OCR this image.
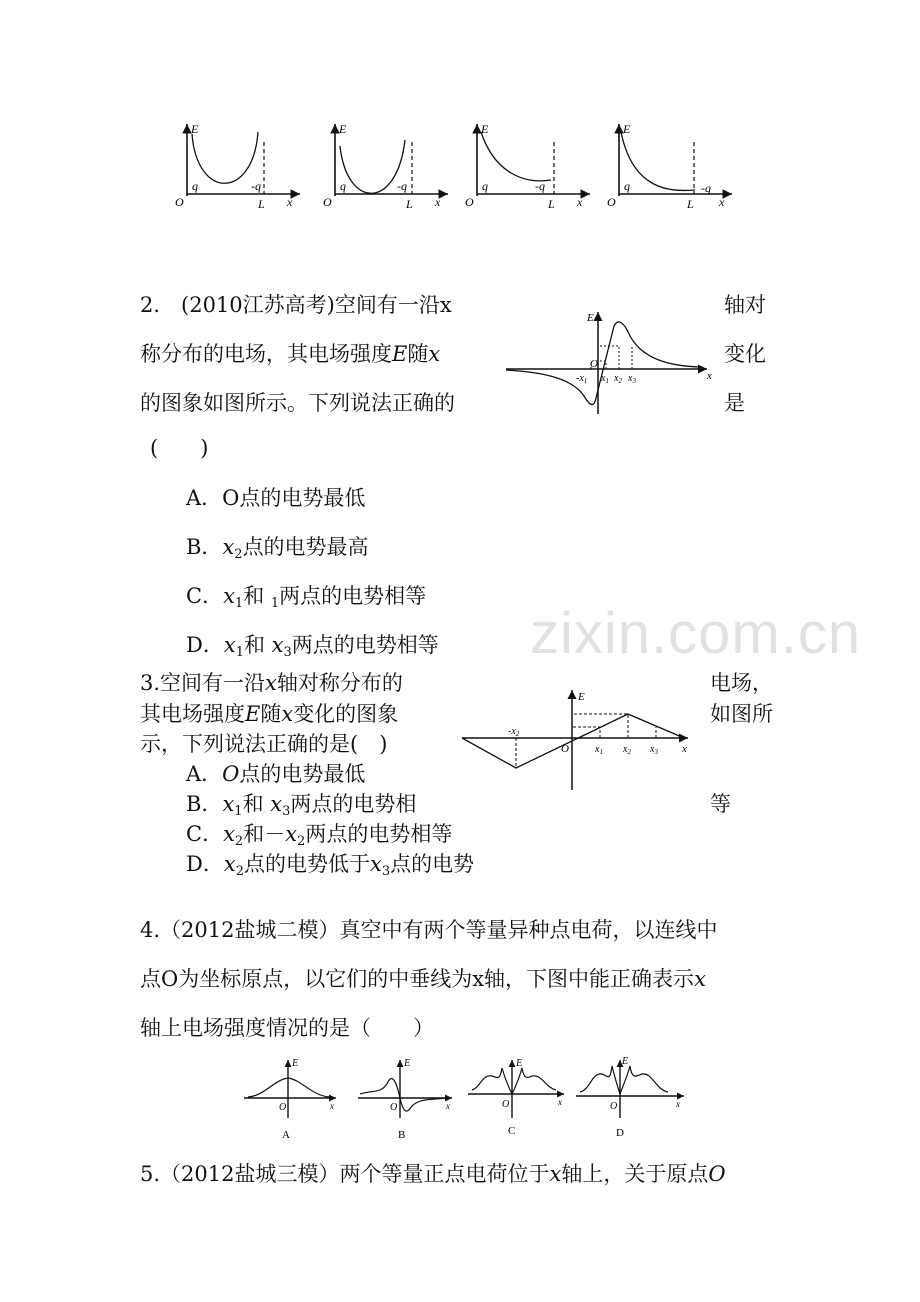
E
q	-q
O	L x
E
q	-q
O	L x
E
q	-q
O	L x
E
q	-q
O	L x
2.　(2010江苏高考)空间有一沿x	轴对
称分布的电场，其电场强度E随x	变化
的图象如图所示。下列说法正确的	是
(　　)
A．O点的电势最低
B．$x_2$点的电势最高
C．$x_1$和 $_1$两点的电势相等
D．$x_1$和 $x_3$两点的电势相等
E
O
x
$-x_1$ $x_1$ $x_2$ $x_3$
zixin.com.cn
3.空间有一沿x轴对称分布的	电场，
其电场强度E随x变化的图象	如图所
示，下列说法正确的是(　)
A．O点的电势最低
B．$x_1$和 $x_3$两点的电势相	等
C．$x_2$和$-x_2$两点的电势相等
D．$x_2$点的电势低于$x_3$点的电势
E
O	x
$-x_2$
$x_1$ $x_2$ $x_3$
4.（2012盐城二模）真空中有两个等量异种点电荷，以连线中
点O为坐标原点，以它们的中垂线为x轴，下图中能正确表示x
轴上电场强度情况的是（　　）
E
O	x
A
E
O	x
B
E
O	x
C
E
O	x
D
5.（2012盐城三模）两个等量正点电荷位于x轴上，关于原点O
